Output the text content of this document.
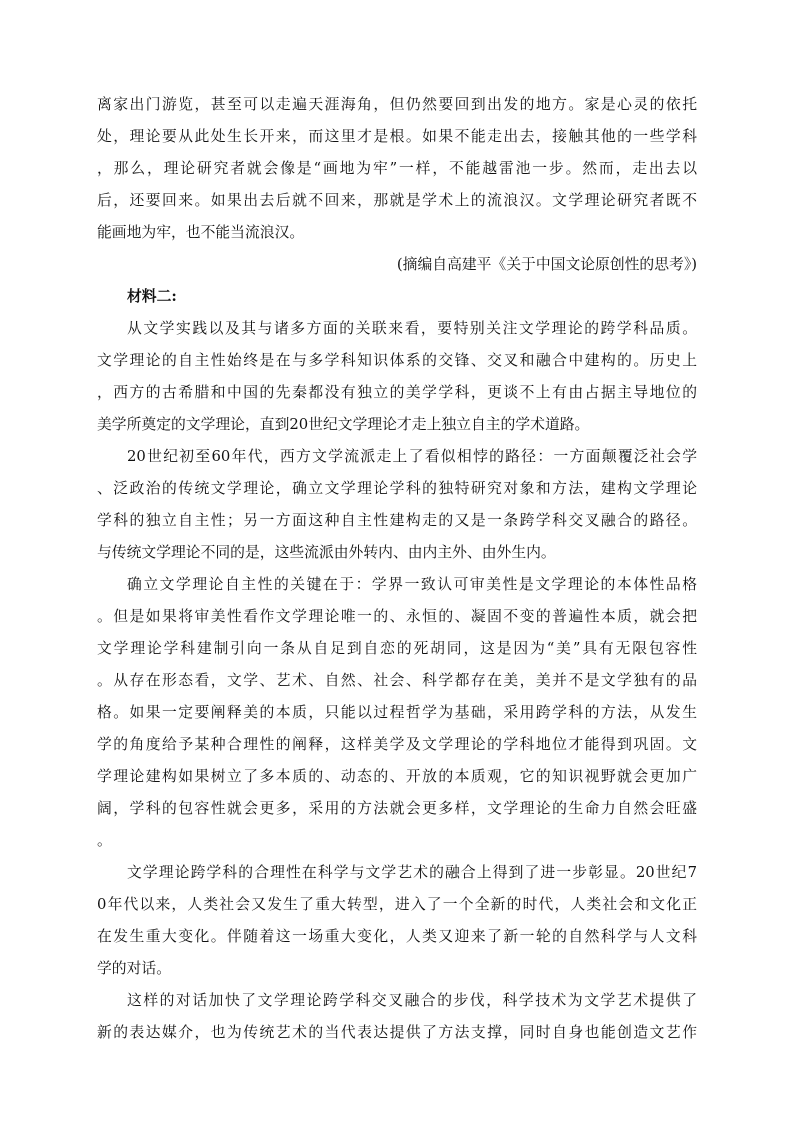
离家出门游览，甚至可以走遍天涯海角，但仍然要回到出发的地方。家是心灵的依托
处，理论要从此处生长开来，而这里才是根。如果不能走出去，接触其他的一些学科
，那么，理论研究者就会像是“画地为牢”一样，不能越雷池一步。然而，走出去以
后，还要回来。如果出去后就不回来，那就是学术上的流浪汉。文学理论研究者既不
能画地为牢，也不能当流浪汉。
(摘编自高建平《关于中国文论原创性的思考》)
材料二:
从文学实践以及其与诸多方面的关联来看，要特别关注文学理论的跨学科品质。
文学理论的自主性始终是在与多学科知识体系的交锋、交叉和融合中建构的。历史上
，西方的古希腊和中国的先秦都没有独立的美学学科，更谈不上有由占据主导地位的
美学所奠定的文学理论，直到20世纪文学理论才走上独立自主的学术道路。
20世纪初至60年代，西方文学流派走上了看似相悖的路径：一方面颠覆泛社会学
、泛政治的传统文学理论，确立文学理论学科的独特研究对象和方法，建构文学理论
学科的独立自主性；另一方面这种自主性建构走的又是一条跨学科交叉融合的路径。
与传统文学理论不同的是，这些流派由外转内、由内主外、由外生内。
确立文学理论自主性的关键在于：学界一致认可审美性是文学理论的本体性品格
。但是如果将审美性看作文学理论唯一的、永恒的、凝固不变的普遍性本质，就会把
文学理论学科建制引向一条从自足到自恋的死胡同，这是因为“美”具有无限包容性
。从存在形态看，文学、艺术、自然、社会、科学都存在美，美并不是文学独有的品
格。如果一定要阐释美的本质，只能以过程哲学为基础，采用跨学科的方法，从发生
学的角度给予某种合理性的阐释，这样美学及文学理论的学科地位才能得到巩固。文
学理论建构如果树立了多本质的、动态的、开放的本质观，它的知识视野就会更加广
阔，学科的包容性就会更多，采用的方法就会更多样，文学理论的生命力自然会旺盛
。
文学理论跨学科的合理性在科学与文学艺术的融合上得到了进一步彰显。20世纪7
0年代以来，人类社会又发生了重大转型，进入了一个全新的时代，人类社会和文化正
在发生重大变化。伴随着这一场重大变化，人类又迎来了新一轮的自然科学与人文科
学的对话。
这样的对话加快了文学理论跨学科交叉融合的步伐，科学技术为文学艺术提供了
新的表达媒介，也为传统艺术的当代表达提供了方法支撑，同时自身也能创造文艺作
